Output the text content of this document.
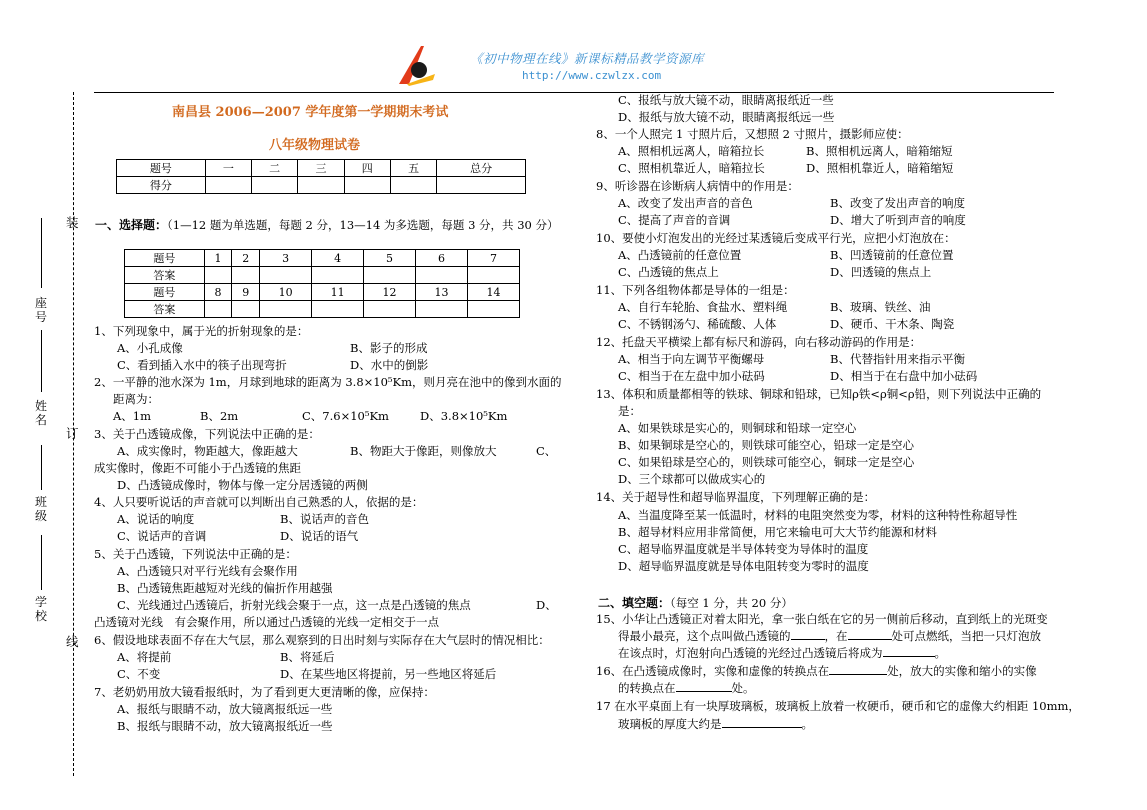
《初中物理在线》新课标精品教学资源库
http://www.czwlzx.com
装
订
线
座号
姓名
班级
学校
南昌县 2006—2007 学年度第一学期期末考试
八年级物理试卷
题号	一	二	三	四	五	总分
得分						
一、选择题：（1—12 题为单选题，每题 2 分，13—14 为多选题，每题 3 分，共 30 分）
题号	1	2	3	4	5	6	7
答案							
题号	8	9	10	11	12	13	14
答案							
1、下列现象中，属于光的折射现象的是：
A、小孔成像	B、影子的形成
C、看到插入水中的筷子出现弯折	D、水中的倒影
2、一平静的池水深为 1m，月球到地球的距离为 3.8×10⁵Km，则月亮在池中的像到水面的
距离为：
A、1m	B、2m	C、7.6×10⁵Km	D、3.8×10⁵Km
3、关于凸透镜成像，下列说法中正确的是：
A、成实像时，物距越大，像距越大	B、物距大于像距，则像放大	C、
成实像时，像距不可能小于凸透镜的焦距
D、凸透镜成像时，物体与像一定分居透镜的两侧
4、人只要听说话的声音就可以判断出自己熟悉的人，依据的是：
A、说话的响度	B、说话声的音色
C、说话声的音调	D、说话的语气
5、关于凸透镜，下列说法中正确的是：
A、凸透镜只对平行光线有会聚作用
B、凸透镜焦距越短对光线的偏折作用越强
C、光线通过凸透镜后，折射光线会聚于一点，这一点是凸透镜的焦点	D、
凸透镜对光线　有会聚作用，所以通过凸透镜的光线一定相交于一点
6、假设地球表面不存在大气层，那么观察到的日出时刻与实际存在大气层时的情况相比：
A、将提前	B、将延后
C、不变	D、在某些地区将提前，另一些地区将延后
7、老奶奶用放大镜看报纸时，为了看到更大更清晰的像，应保持：
A、报纸与眼睛不动，放大镜离报纸远一些
B、报纸与眼睛不动，放大镜离报纸近一些
C、报纸与放大镜不动，眼睛离报纸近一些
D、报纸与放大镜不动，眼睛离报纸远一些
8、一个人照完 1 寸照片后，又想照 2 寸照片，摄影师应使：
A、照相机远离人，暗箱拉长	B、照相机远离人，暗箱缩短
C、照相机靠近人，暗箱拉长	D、照相机靠近人，暗箱缩短
9、听诊器在诊断病人病情中的作用是：
A、改变了发出声音的音色	B、改变了发出声音的响度
C、提高了声音的音调	D、增大了听到声音的响度
10、要使小灯泡发出的光经过某透镜后变成平行光，应把小灯泡放在：
A、凸透镜前的任意位置	B、凹透镜前的任意位置
C、凸透镜的焦点上	D、凹透镜的焦点上
11、下列各组物体都是导体的一组是：
A、自行车轮胎、食盐水、塑料绳	B、玻璃、铁丝、油
C、不锈钢汤勺、稀硫酸、人体	D、硬币、干木条、陶瓷
12、托盘天平横梁上都有标尺和游码，向右移动游码的作用是：
A、相当于向左调节平衡螺母	B、代替指针用来指示平衡
C、相当于在左盘中加小砝码	D、相当于在右盘中加小砝码
13、体积和质量都相等的铁球、铜球和铅球，已知ρ铁<ρ铜<ρ铅，则下列说法中正确的
是：
A、如果铁球是实心的，则铜球和铅球一定空心
B、如果铜球是空心的，则铁球可能空心，铅球一定是空心
C、如果铅球是空心的，则铁球可能空心，铜球一定是空心
D、三个球都可以做成实心的
14、关于超导性和超导临界温度，下列理解正确的是：
A、当温度降至某一低温时，材料的电阻突然变为零，材料的这种特性称超导性
B、超导材料应用非常简便，用它来输电可大大节约能源和材料
C、超导临界温度就是半导体转变为导体时的温度
D、超导临界温度就是导体电阻转变为零时的温度
二、填空题：（每空 1 分，共 20 分）
15、小华让凸透镜正对着太阳光，拿一张白纸在它的另一侧前后移动，直到纸上的光斑变
得最小最亮，这个点叫做凸透镜的	，在	处可点燃纸，当把一只灯泡放
在该点时，灯泡射向凸透镜的光经过凸透镜后将成为	。
16、在凸透镜成像时，实像和虚像的转换点在	处，放大的实像和缩小的实像
的转换点在	处。
17 在水平桌面上有一块厚玻璃板，玻璃板上放着一枚硬币，硬币和它的虚像大约相距 10mm，
玻璃板的厚度大约是	。
